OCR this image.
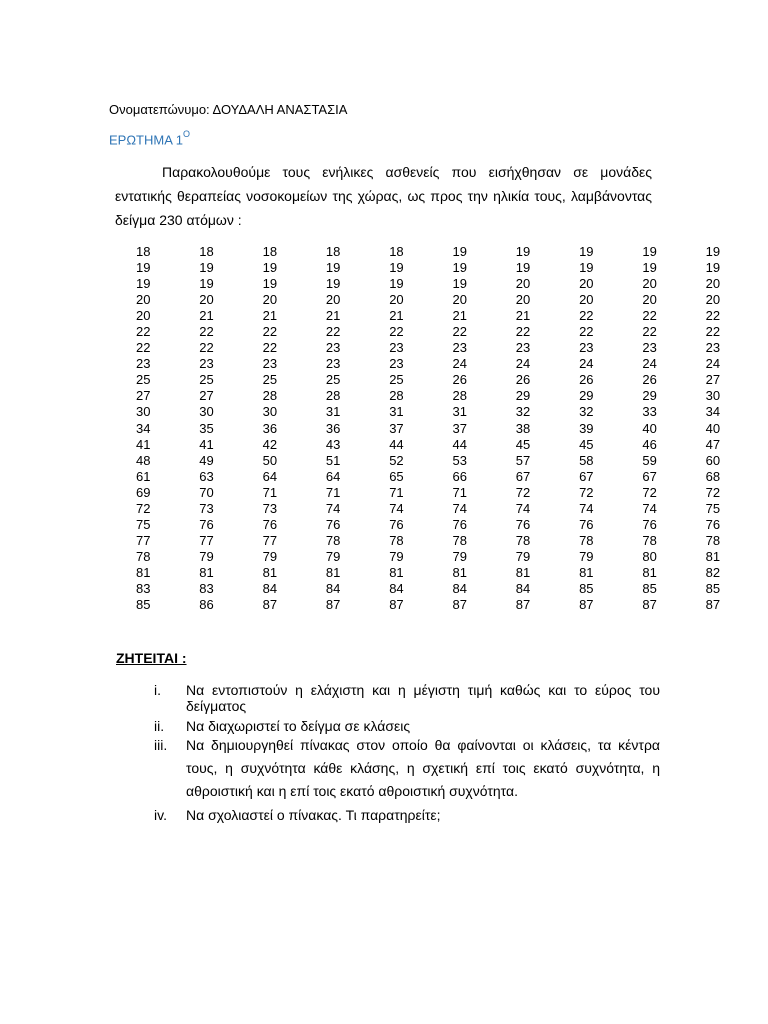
Ονοματεπώνυμο: ΔΟΥΔΑΛΗ ΑΝΑΣΤΑΣΙΑ
ΕΡΩΤΗΜΑ $1^O$
Παρακολουθούμε τους ενήλικες ασθενείς που εισήχθησαν σε μονάδες εντατικής θεραπείας νοσοκομείων της χώρας, ως προς την ηλικία τους, λαμβάνοντας δείγμα 230 ατόμων :
18	18	18	18	18	19	19	19	19	19
19	19	19	19	19	19	19	19	19	19
19	19	19	19	19	19	20	20	20	20
20	20	20	20	20	20	20	20	20	20
20	21	21	21	21	21	21	22	22	22
22	22	22	22	22	22	22	22	22	22
22	22	22	23	23	23	23	23	23	23
23	23	23	23	23	24	24	24	24	24
25	25	25	25	25	26	26	26	26	27
27	27	28	28	28	28	29	29	29	30
30	30	30	31	31	31	32	32	33	34
34	35	36	36	37	37	38	39	40	40
41	41	42	43	44	44	45	45	46	47
48	49	50	51	52	53	57	58	59	60
61	63	64	64	65	66	67	67	67	68
69	70	71	71	71	71	72	72	72	72
72	73	73	74	74	74	74	74	74	75
75	76	76	76	76	76	76	76	76	76
77	77	77	78	78	78	78	78	78	78
78	79	79	79	79	79	79	79	80	81
81	81	81	81	81	81	81	81	81	82
83	83	84	84	84	84	84	85	85	85
85	86	87	87	87	87	87	87	87	87
ΖΗΤΕΙΤΑΙ :
i.	Να εντοπιστούν η ελάχιστη και η μέγιστη τιμή καθώς και το εύρος του δείγματος
ii.	Να διαχωριστεί το δείγμα σε κλάσεις
iii.	Να δημιουργηθεί πίνακας στον οποίο θα φαίνονται οι κλάσεις, τα κέντρα τους, η συχνότητα κάθε κλάσης, η σχετική επί τοις εκατό συχνότητα, η αθροιστική και η επί τοις εκατό αθροιστική συχνότητα.
iv.	Να σχολιαστεί ο πίνακας. Τι παρατηρείτε;
